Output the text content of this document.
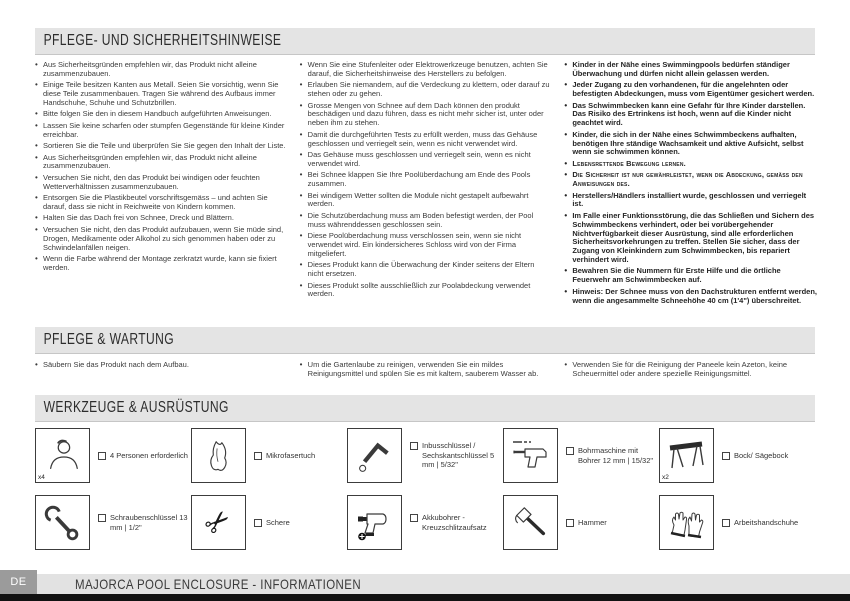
PFLEGE- UND SICHERHEITSHINWEISE
• Aus Sicherheitsgründen empfehlen wir, das Produkt nicht alleine zusammenzubauen.
• Einige Teile besitzen Kanten aus Metall. Seien Sie vorsichtig, wenn Sie diese Teile zusammenbauen. Tragen Sie während des Aufbaus immer Handschuhe, Schuhe und Schutzbrillen.
• Bitte folgen Sie den in diesem Handbuch aufgeführten Anweisungen.
• Lassen Sie keine scharfen oder stumpfen Gegenstände für kleine Kinder erreichbar.
• Sortieren Sie die Teile und überprüfen Sie Sie gegen den Inhalt der Liste.
• Aus Sicherheitsgründen empfehlen wir, das Produkt nicht alleine zusammenzubauen.
• Versuchen Sie nicht, den das Produkt bei windigen oder feuchten Wetterverhältnissen zusammenzubauen.
• Entsorgen Sie die Plastikbeutel vorschriftsgemäss – und achten Sie darauf, dass sie nicht in Reichweite von Kindern kommen.
• Halten Sie das Dach frei von Schnee, Dreck und Blättern.
• Versuchen Sie nicht, den das Produkt aufzubauen, wenn Sie müde sind, Drogen, Medikamente oder Alkohol zu sich genommen haben oder zu Schwindelanfällen neigen.
• Wenn die Farbe während der Montage zerkratzt wurde, kann sie fixiert werden.
• Wenn Sie eine Stufenleiter oder Elektrowerkzeuge benutzen, achten Sie darauf, die Sicherheitshinweise des Herstellers zu befolgen.
• Erlauben Sie niemandem, auf die Verdeckung zu klettern, oder darauf zu stehen oder zu gehen.
• Grosse Mengen von Schnee auf dem Dach können den produkt beschädigen und dazu führen, dass es nicht mehr sicher ist, unter oder neben ihm zu stehen.
• Damit die durchgeführten Tests zu erfüllt werden, muss das Gehäuse geschlossen und verriegelt sein, wenn es nicht verwendet wird.
• Das Gehäuse muss geschlossen und verriegelt sein, wenn es nicht verwendet wird.
• Bei Schnee klappen Sie Ihre Poolüberdachung am Ende des Pools zusammen.
• Bei windigem Wetter sollten die Module nicht gestapelt aufbewahrt werden.
• Die Schutzüberdachung muss am Boden befestigt werden, der Pool muss währenddessen geschlossen sein.
• Diese Poolüberdachung muss verschlossen sein, wenn sie nicht verwendet wird. Ein kindersicheres Schloss wird von der Firma mitgeliefert.
• Dieses Produkt kann die Überwachung der Kinder seitens der Eltern nicht ersetzen.
• Dieses Produkt sollte ausschließlich zur Poolabdeckung verwendet werden.
• Kinder in der Nähe eines Swimmingpools bedürfen ständiger Überwachung und dürfen nicht allein gelassen werden.
• Jeder Zugang zu den vorhandenen, für die angelehnten oder befestigten Abdeckungen, muss vom Eigentümer gesichert werden.
• Das Schwimmbecken kann eine Gefahr für Ihre Kinder darstellen. Das Risiko des Ertrinkens ist hoch, wenn auf die Kinder nicht geachtet wird.
• Kinder, die sich in der Nähe eines Schwimmbeckens aufhalten, benötigen Ihre ständige Wachsamkeit und aktive Aufsicht, selbst wenn sie schwimmen können.
• Lebensrettende Bewegung lernen.
• Die Sicherheit ist nur gewährleistet, wenn die Abdeckung, gemäss den Anweisungen des.
• Herstellers/Händlers installiert wurde, geschlossen und verriegelt ist.
• Im Falle einer Funktionsstörung, die das Schließen und Sichern des Schwimmbeckens verhindert, oder bei vorübergehender Nichtverfügbarkeit dieser Ausrüstung, sind alle erforderlichen Sicherheitsvorkehrungen zu treffen. Stellen Sie sicher, dass der Zugang von Kleinkindern zum Schwimmbecken, bis repariert verhindert wird.
• Bewahren Sie die Nummern für Erste Hilfe und die örtliche Feuerwehr am Schwimmbecken auf.
• Hinweis: Der Schnee muss von den Dachstrukturen entfernt werden, wenn die angesammelte Schneehöhe 40 cm (1'4") überschreitet.
PFLEGE & WARTUNG
• Säubern Sie das Produkt nach dem Aufbau.	• Um die Gartenlaube zu reinigen, verwenden Sie ein mildes Reinigungsmittel und spülen Sie es mit kaltem, sauberem Wasser ab.
• Verwenden Sie für die Reinigung der Paneele kein Azeton, keine Scheuermittel oder andere spezielle Reinigungsmittel.
WERKZEUGE & AUSRÜSTUNG
x4
4 Personen erforderlich	Mikrofasertuch
Inbusschlüssel / Sechskantschlüssel 5 mm | 5/32"
Bohrmaschine mit Bohrer 12 mm | 15/32"
x2
Bock/ Sägebock
Schraubenschlüssel 13 mm | 1/2"	✂	Schere
Akkubohrer - Kreuzschlitzaufsatz
Hammer	Arbeitshandschuhe
MAJORCA POOL ENCLOSURE - INFORMATIONEN
DE
